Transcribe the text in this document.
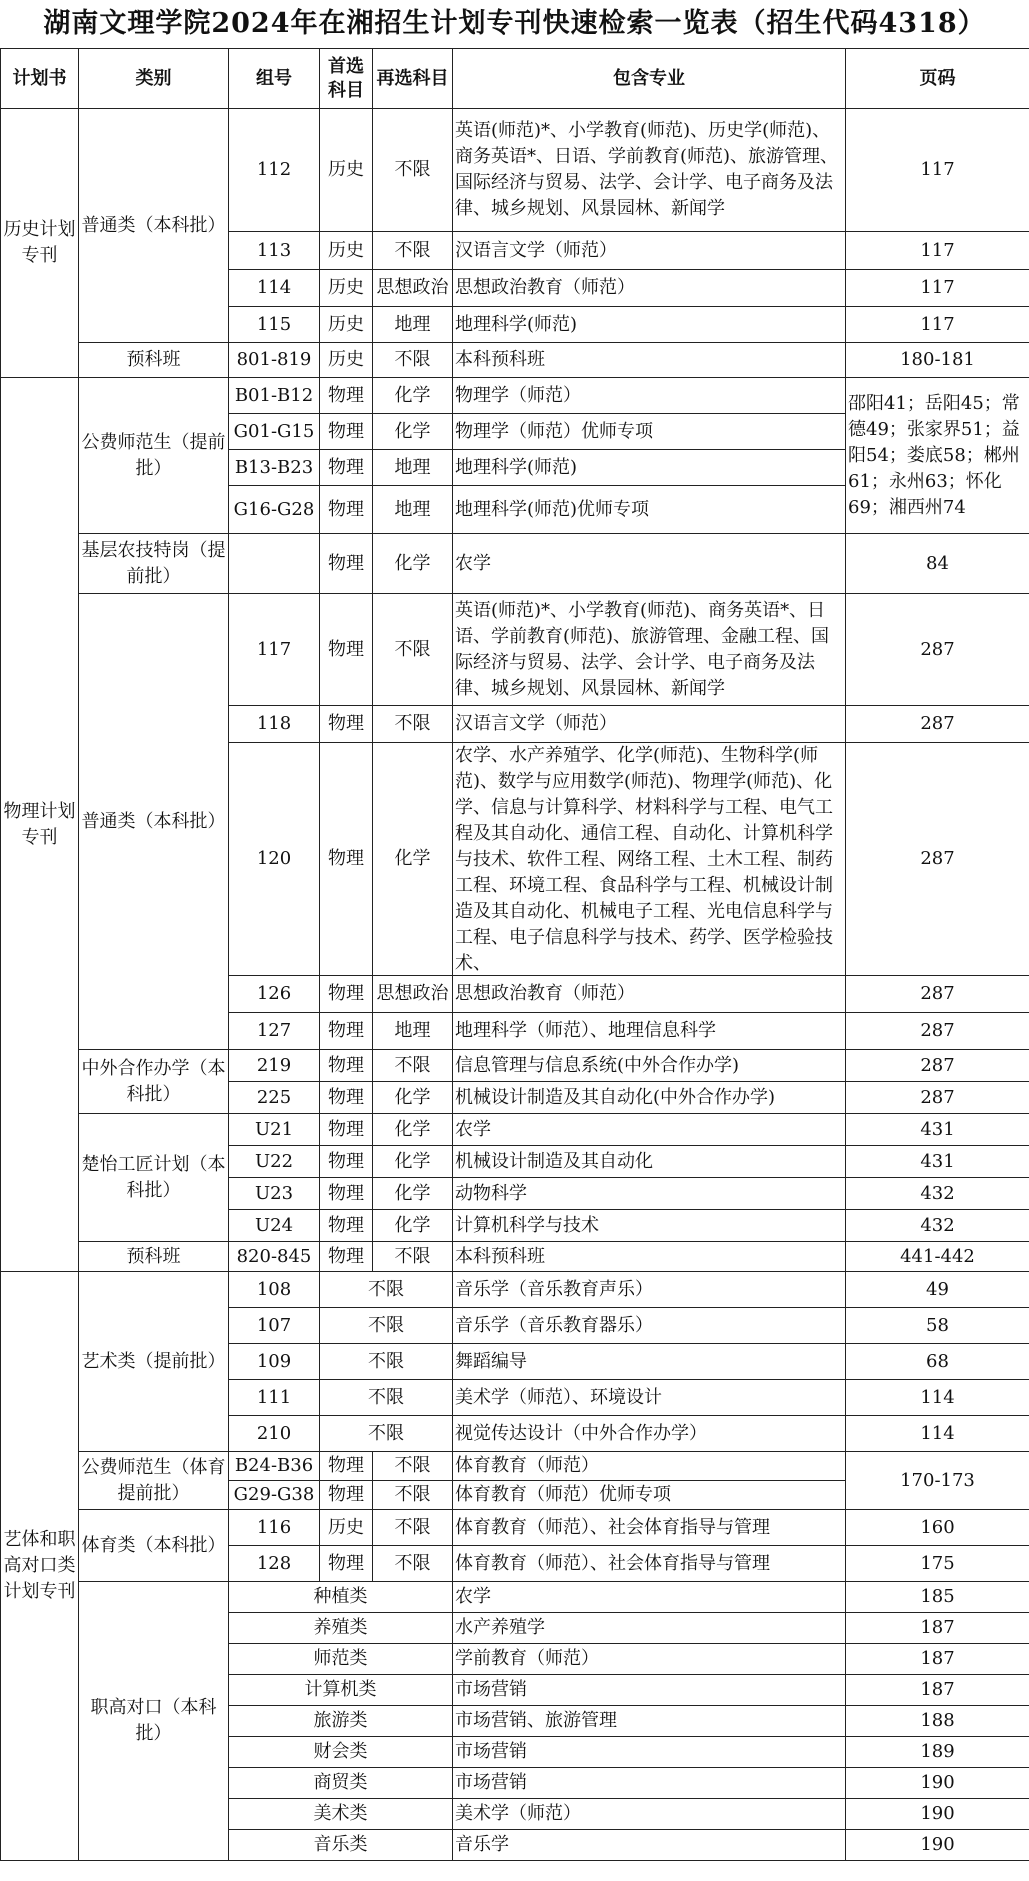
湖南文理学院2024年在湘招生计划专刊快速检索一览表（招生代码4318）
计划书	类别	组号	首选科目	再选科目	包含专业	页码
历史计划专刊	普通类（本科批）	112	历史	不限	英语(师范)*、小学教育(师范)、历史学(师范)、商务英语*、日语、学前教育(师范)、旅游管理、国际经济与贸易、法学、会计学、电子商务及法律、城乡规划、风景园林、新闻学	117
		113	历史	不限	汉语言文学（师范）	117
		114	历史	思想政治	思想政治教育（师范）	117
		115	历史	地理	地理科学(师范)	117
	预科班	801-819	历史	不限	本科预科班	180-181

物理计划专刊	公费师范生（提前批）	B01-B12	物理	化学	物理学（师范）	邵阳41；岳阳45；常德49；张家界51；益阳54；娄底58；郴州61；永州63；怀化69；湘西州74

		G01-G15	物理	化学	物理学（师范）优师专项	
		B13-B23	物理	地理	地理科学(师范)	
		G16-G28	物理	地理	地理科学(师范)优师专项	
	基层农技特岗（提前批）		物理	化学	农学	84
	普通类（本科批）	117	物理	不限	英语(师范)*、小学教育(师范)、商务英语*、日语、学前教育(师范)、旅游管理、金融工程、国际经济与贸易、法学、会计学、电子商务及法律、城乡规划、风景园林、新闻学	287
		118	物理	不限	汉语言文学（师范）	287
		120	物理	化学	农学、水产养殖学、化学(师范)、生物科学(师范)、数学与应用数学(师范)、物理学(师范)、化学、信息与计算科学、材料科学与工程、电气工程及其自动化、通信工程、自动化、计算机科学与技术、软件工程、网络工程、土木工程、制药工程、环境工程、食品科学与工程、机械设计制造及其自动化、机械电子工程、光电信息科学与工程、电子信息科学与技术、药学、医学检验技术、	287
		126	物理	思想政治	思想政治教育（师范）	287
		127	物理	地理	地理科学（师范）、地理信息科学	287
	中外合作办学（本科批）	219	物理	不限	信息管理与信息系统(中外合作办学)	287
		225	物理	化学	机械设计制造及其自动化(中外合作办学)	287
	楚怡工匠计划（本科批）	U21	物理	化学	农学	431
		U22	物理	化学	机械设计制造及其自动化	431
		U23	物理	化学	动物科学	432
		U24	物理	化学	计算机科学与技术	432
	预科班	820-845	物理	不限	本科预科班	441-442

艺体和职高对口类计划专刊	艺术类（提前批）	108	不限		音乐学（音乐教育声乐）	49
		107	不限		音乐学（音乐教育器乐）	58
		109	不限		舞蹈编导	68
		111	不限		美术学（师范）、环境设计	114
		210	不限		视觉传达设计（中外合作办学）	114
	公费师范生（体育提前批）	B24-B36	物理	不限	体育教育（师范）	170-173
		G29-G38	物理	不限	体育教育（师范）优师专项	
	体育类（本科批）	116	历史	不限	体育教育（师范）、社会体育指导与管理	160
		128	物理	不限	体育教育（师范）、社会体育指导与管理	175
	职高对口（本科批）	种植类			农学	185
		养殖类			水产养殖学	187
		师范类			学前教育（师范）	187
		计算机类			市场营销	187
		旅游类			市场营销、旅游管理	188
		财会类			市场营销	189
		商贸类			市场营销	190
		美术类			美术学（师范）	190
		音乐类			音乐学	190
